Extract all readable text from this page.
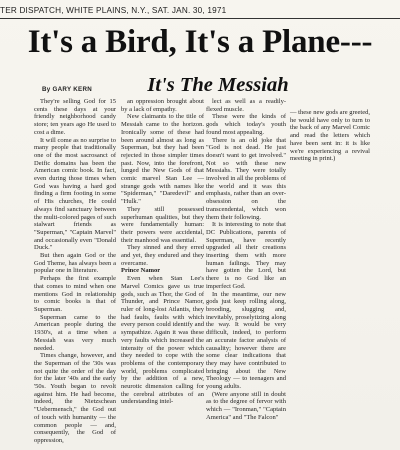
TER DISPATCH, WHITE PLAINS, N.Y., SAT. JAN. 30, 1971
It's a Bird, It's a Plane---
By GARY KERN	It's The Messiah

They're selling God for 15 cents these days at your friendly neighborhood candy store; ten years ago He used to cost a dime.

It will come as no surprise to many people that traditionally one of the most sacrosanct of Deific domains has been the American comic book. In fact, even during those times when God was having a hard god finding a firm footing in some of His churches, He could always find sanctuary between the multi-colored pages of such stalwart friends as "Superman," "Captain Marvel" and occasionally even "Donald Duck."

But then again God or the God Theme, has always been a popular one in literature.

Perhaps the first example that comes to mind when one mentions God in relationship to comic books is that of Superman.

Superman came to the American people during the 1930's, at a time when a Messiah was very much needed.

Times change, however, and the Superman of the '30s was not quite the order of the day for the later '40s and the early '50s. Youth began to revolt against him. He had become, indeed, the Nietzschean "Uebermensch," the God out of touch with humanity — the common people — and, consequently, the God of oppression,

an oppression brought about by a lack of empathy.

New claimants to the title of Messiah came to the horizon. Ironically some of these had been around almost as long as Superman, but they had been rejected in those simpler times past. Now, into the forefront, lunged the New Gods of that comic marvel Stan Lee — strange gods with names like "Spiderman," "Daredevil" and "Hulk."

They still possessed superhuman qualities, but they were fundamentally human: their powers were accidental, their manhood was essential.

They sinned and they erred and yet, they endured and they overcame.

Prince Namor

Even when Stan Lee's Marvel Comics gave us true gods, such as Thor, the God of Thunder, and Prince Namor, ruler of long-lost Atlantis, they had faults, faults with which every person could identify and sympathize. Again it was these very faults which increased the intensity of the power which they needed to cope with the problems of the contemporary world, problems complicated by the addition of a new, neurotic dimension calling for the cerebral attributes of an understanding intel-

lect as well as a readily-flexed muscle.

These were the kinds of gods which today's youth found most appealing.

There is an old joke that "God is not dead. He just doesn't want to get involved." Not so with these new Messiahs. They were totally involved in all the problems of the world and it was this emphasis, rather than an over-obsession on the transcendental, which won them their following.

It is interesting to note that DC Publications, parents of Superman, have recently upgraded all their creations inserting them with more human failings. They may have gotten the Lord, but there is no God like an imperfect God.

In the meantime, our new gods just keep rolling along, brooding, slugging and, inevitably, proselytizing along the way. It would be very difficult, indeed, to perform an accurate factor analysis of causality; however there are some clear indications that they may have contributed to bringing about the New Theology — to teenagers and young adults.

(Were anyone still in doubt as to the degree of fervor with which — "Ironman," "Captain America" and "The Falcon"

— these new gods are greeted, he would have only to turn to the back of any Marvel Comic and read the letters which have been sent in: it is like we're experiencing a revival meeting in print.)
